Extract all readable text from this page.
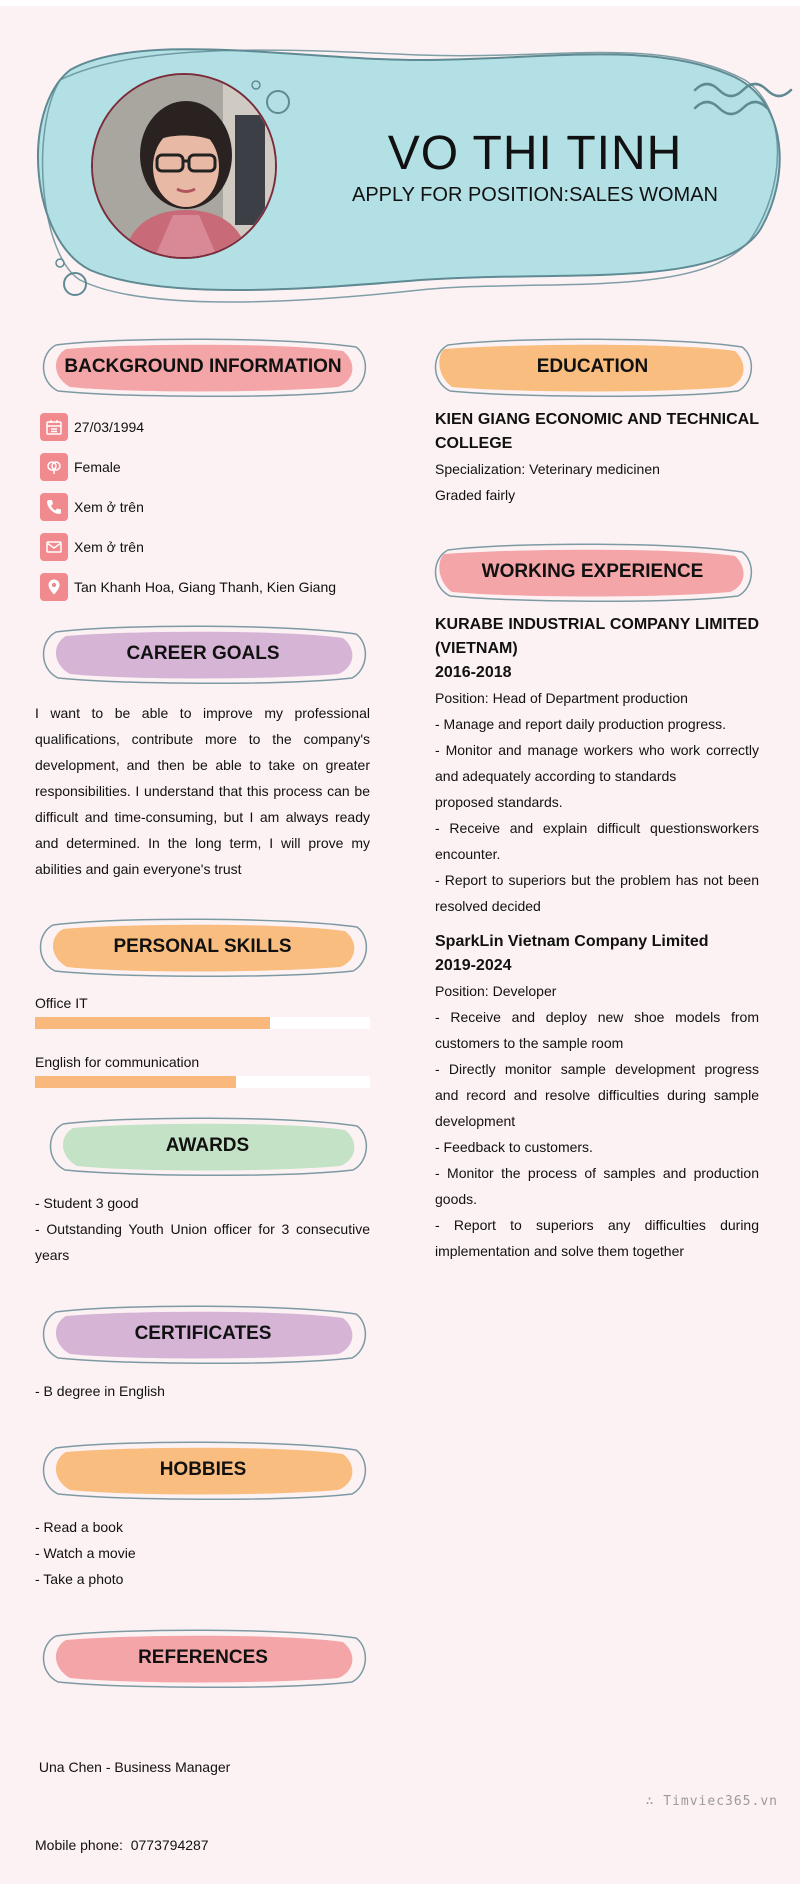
VO THI TINH
APPLY FOR POSITION:SALES WOMAN
BACKGROUND INFORMATION
27/03/1994
Female
Xem ở trên
Xem ở trên
Tan Khanh Hoa, Giang Thanh, Kien Giang
CAREER GOALS
I want to be able to improve my professional
qualifications, contribute more to the company's
development, and then be able to take on greater
responsibilities. I understand that this process can be
difficult and time-consuming, but I am always ready
and determined. In the long term, I will prove my
abilities and gain everyone's trust
PERSONAL SKILLS
Office IT
English for communication
AWARDS
- Student 3 good
- Outstanding Youth Union officer for 3 consecutive
years
CERTIFICATES
- B degree in English
HOBBIES
- Read a book
- Watch a movie
- Take a photo
REFERENCES

Una Chen - Business Manager

Mobile phone:  0773794287

EDUCATION
KIEN GIANG ECONOMIC AND TECHNICAL
COLLEGE
Specialization: Veterinary medicinen
Graded fairly
WORKING EXPERIENCE
KURABE INDUSTRIAL COMPANY LIMITED
(VIETNAM)
2016-2018
Position: Head of Department production
- Manage and report daily production progress.
- Monitor and manage workers who work correctly
and adequately according to standards
proposed standards.
- Receive and explain difficult questionsworkers
encounter.
- Report to superiors but the problem has not been
resolved decided
SparkLin Vietnam Company Limited
2019-2024
Position: Developer
- Receive and deploy new shoe models from
customers to the sample room
- Directly monitor sample development progress
and record and resolve difficulties during sample
development
- Feedback to customers.
- Monitor the process of samples and production
goods.
- Report to superiors any difficulties during
implementation and solve them together
∴ Timviec365.vn
